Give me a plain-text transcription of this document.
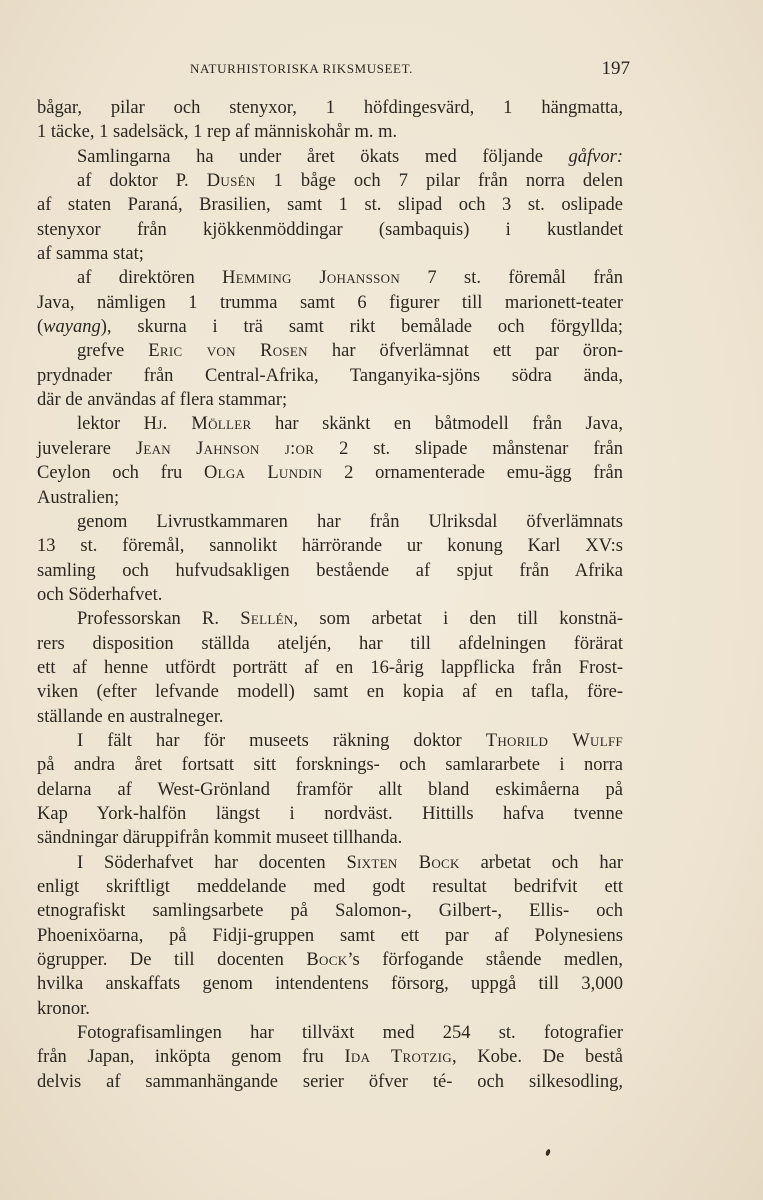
NATURHISTORISKA RIKSMUSEET.	197
bågar, pilar och stenyxor, 1 höfdingesvärd, 1 hängmatta,
1 täcke, 1 sadelsäck, 1 rep af människohår m. m.
Samlingarna ha under året ökats med följande gåfvor:
af doktor P. Dusén 1 båge och 7 pilar från norra delen
af staten Paraná, Brasilien, samt 1 st. slipad och 3 st. oslipade
stenyxor från kjökkenmöddingar (sambaquis) i kustlandet
af samma stat;
af direktören Hemming Johansson 7 st. föremål från
Java, nämligen 1 trumma samt 6 figurer till marionett-teater
(wayang), skurna i trä samt rikt bemålade och förgyllda;
grefve Eric von Rosen har öfverlämnat ett par öron-
prydnader från Central-Afrika, Tanganyika-sjöns södra ända,
där de användas af flera stammar;
lektor Hj. Möller har skänkt en båtmodell från Java,
juvelerare Jean Jahnson j:or 2 st. slipade månstenar från
Ceylon och fru Olga Lundin 2 ornamenterade emu-ägg från
Australien;
genom Livrustkammaren har från Ulriksdal öfverlämnats
13 st. föremål, sannolikt härrörande ur konung Karl XV:s
samling och hufvudsakligen bestående af spjut från Afrika
och Söderhafvet.
Professorskan R. Sellén, som arbetat i den till konstnä-
rers disposition ställda ateljén, har till afdelningen förärat
ett af henne utfördt porträtt af en 16-årig lappflicka från Frost-
viken (efter lefvande modell) samt en kopia af en tafla, före-
ställande en australneger.
I fält har för museets räkning doktor Thorild Wulff
på andra året fortsatt sitt forsknings- och samlararbete i norra
delarna af West-Grönland framför allt bland eskimåerna på
Kap York-halfön längst i nordväst. Hittills hafva tvenne
sändningar däruppifrån kommit museet tillhanda.
I Söderhafvet har docenten Sixten Bock arbetat och har
enligt skriftligt meddelande med godt resultat bedrifvit ett
etnografiskt samlingsarbete på Salomon-, Gilbert-, Ellis- och
Phoenixöarna, på Fidji-gruppen samt ett par af Polynesiens
ögrupper. De till docenten Bock’s förfogande stående medlen,
hvilka anskaffats genom intendentens försorg, uppgå till 3,000
kronor.
Fotografisamlingen har tillväxt med 254 st. fotografier
från Japan, inköpta genom fru Ida Trotzig, Kobe. De bestå
delvis af sammanhängande serier öfver té- och silkesodling,
